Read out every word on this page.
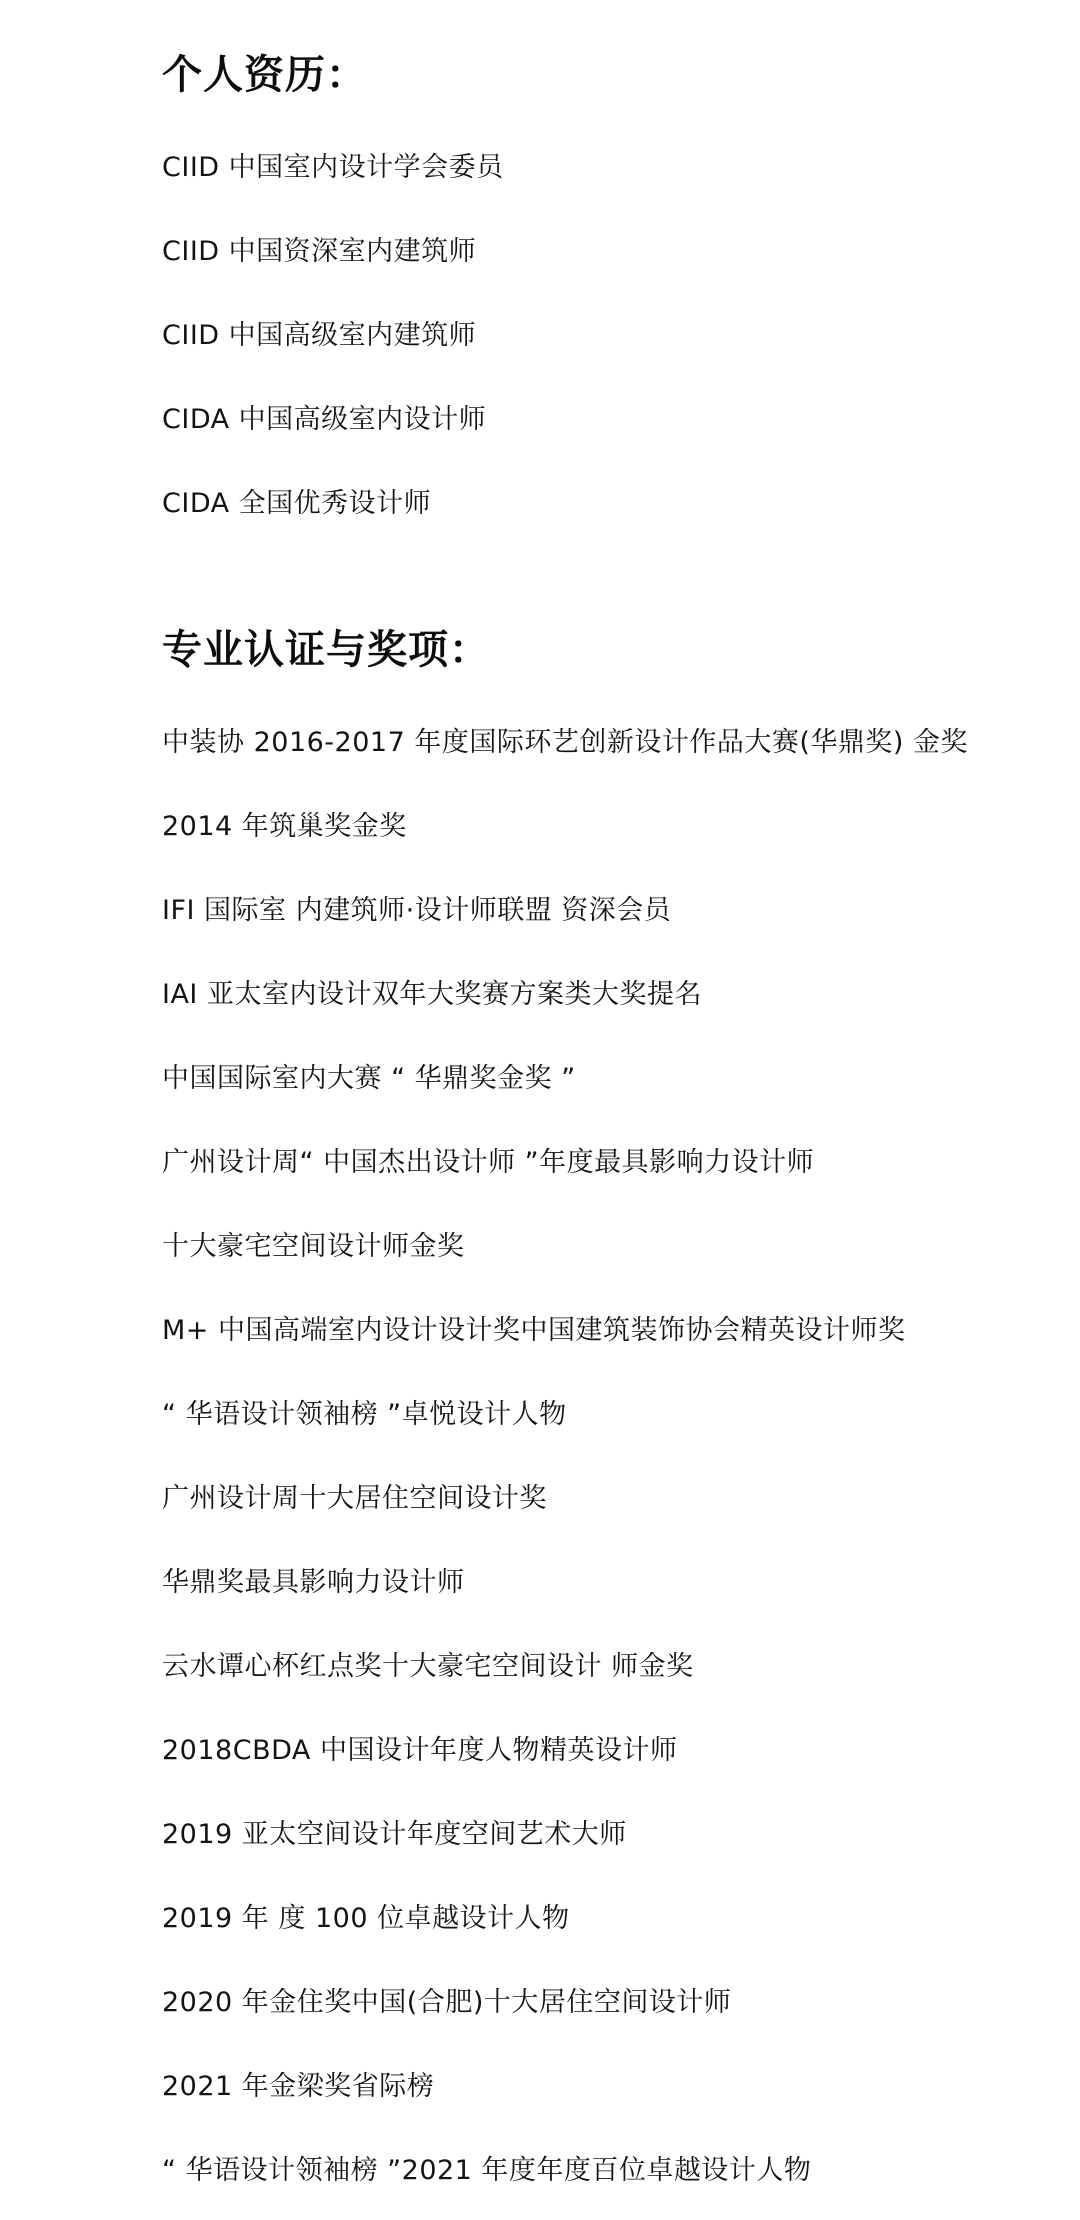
个人资历：
CIID 中国室内设计学会委员
CIID 中国资深室内建筑师
CIID 中国高级室内建筑师
CIDA 中国高级室内设计师
CIDA 全国优秀设计师
专业认证与奖项：
中装协 2016-2017 年度国际环艺创新设计作品大赛(华鼎奖) 金奖
2014 年筑巢奖金奖
IFI 国际室 内建筑师·设计师联盟 资深会员
IAI 亚太室内设计双年大奖赛方案类大奖提名
中国国际室内大赛 “ 华鼎奖金奖 ”
广州设计周“ 中国杰出设计师 ”年度最具影响力设计师
十大豪宅空间设计师金奖
M+ 中国高端室内设计设计奖中国建筑装饰协会精英设计师奖
“ 华语设计领袖榜 ”卓悦设计人物
广州设计周十大居住空间设计奖
华鼎奖最具影响力设计师
云水谭心杯红点奖十大豪宅空间设计 师金奖
2018CBDA 中国设计年度人物精英设计师
2019 亚太空间设计年度空间艺术大师
2019 年 度 100 位卓越设计人物
2020 年金住奖中国(合肥)十大居住空间设计师
2021 年金梁奖省际榜
“ 华语设计领袖榜 ”2021 年度年度百位卓越设计人物
